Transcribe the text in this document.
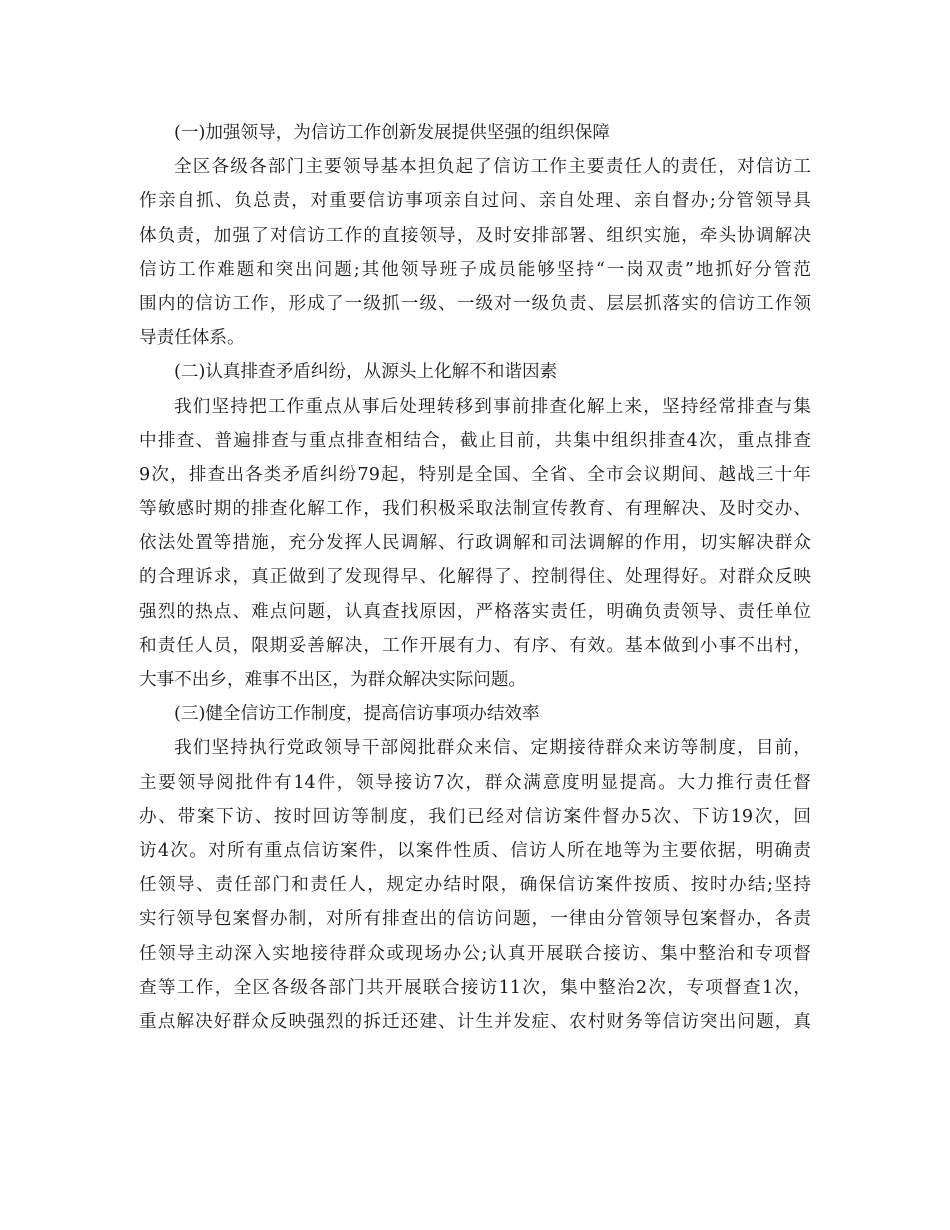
(一)加强领导，为信访工作创新发展提供坚强的组织保障
全区各级各部门主要领导基本担负起了信访工作主要责任人的责任，对信访工
作亲自抓、负总责，对重要信访事项亲自过问、亲自处理、亲自督办;分管领导具
体负责，加强了对信访工作的直接领导，及时安排部署、组织实施，牵头协调解决
信访工作难题和突出问题;其他领导班子成员能够坚持“一岗双责”地抓好分管范
围内的信访工作，形成了一级抓一级、一级对一级负责、层层抓落实的信访工作领
导责任体系。
(二)认真排查矛盾纠纷，从源头上化解不和谐因素
我们坚持把工作重点从事后处理转移到事前排查化解上来，坚持经常排查与集
中排查、普遍排查与重点排查相结合，截止目前，共集中组织排查4次，重点排查
9次，排查出各类矛盾纠纷79起，特别是全国、全省、全市会议期间、越战三十年
等敏感时期的排查化解工作，我们积极采取法制宣传教育、有理解决、及时交办、
依法处置等措施，充分发挥人民调解、行政调解和司法调解的作用，切实解决群众
的合理诉求，真正做到了发现得早、化解得了、控制得住、处理得好。对群众反映
强烈的热点、难点问题，认真查找原因，严格落实责任，明确负责领导、责任单位
和责任人员，限期妥善解决，工作开展有力、有序、有效。基本做到小事不出村，
大事不出乡，难事不出区，为群众解决实际问题。
(三)健全信访工作制度，提高信访事项办结效率
我们坚持执行党政领导干部阅批群众来信、定期接待群众来访等制度，目前，
主要领导阅批件有14件，领导接访7次，群众满意度明显提高。大力推行责任督
办、带案下访、按时回访等制度，我们已经对信访案件督办5次、下访19次，回
访4次。对所有重点信访案件，以案件性质、信访人所在地等为主要依据，明确责
任领导、责任部门和责任人，规定办结时限，确保信访案件按质、按时办结;坚持
实行领导包案督办制，对所有排查出的信访问题，一律由分管领导包案督办，各责
任领导主动深入实地接待群众或现场办公;认真开展联合接访、集中整治和专项督
查等工作，全区各级各部门共开展联合接访11次，集中整治2次，专项督查1次，
重点解决好群众反映强烈的拆迁还建、计生并发症、农村财务等信访突出问题，真
